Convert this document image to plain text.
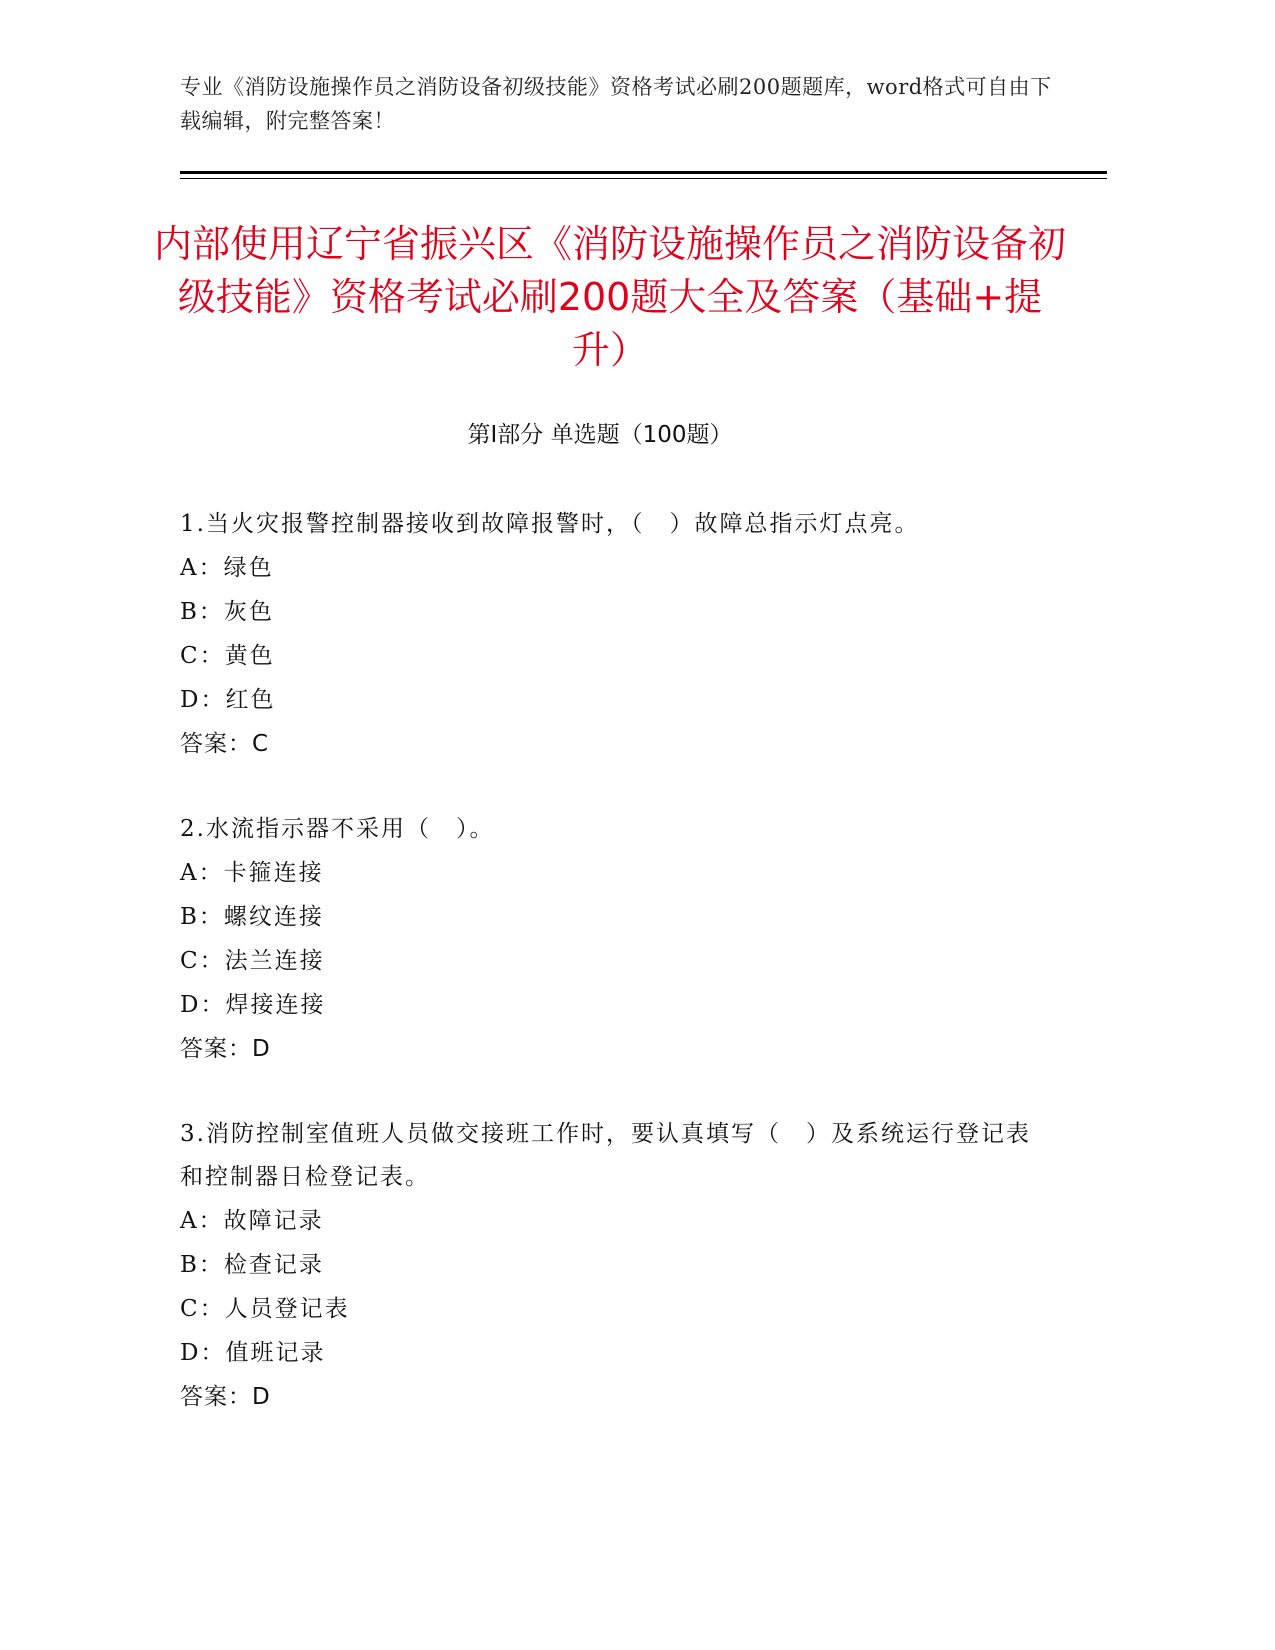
专业《消防设施操作员之消防设备初级技能》资格考试必刷200题题库，word格式可自由下载编辑，附完整答案！
内部使用辽宁省振兴区《消防设施操作员之消防设备初级技能》资格考试必刷200题大全及答案（基础+提升）
第Ⅰ部分 单选题（100题）
1.当火灾报警控制器接收到故障报警时，（　）故障总指示灯点亮。
A：绿色
B：灰色
C：黄色
D：红色
答案：C
2.水流指示器不采用（　）。
A：卡箍连接
B：螺纹连接
C：法兰连接
D：焊接连接
答案：D
3.消防控制室值班人员做交接班工作时，要认真填写（　）及系统运行登记表和控制器日检登记表。
A：故障记录
B：检查记录
C：人员登记表
D：值班记录
答案：D
